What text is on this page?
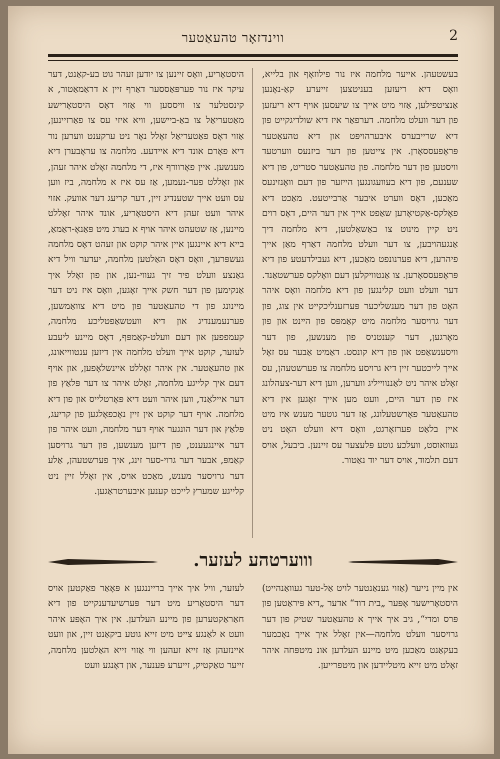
2
ווינדזאָר טהעאַטער
בעשטעהן. אייער מלחמה איז נור פילוזאָף און בלייא, וואָס דיא ריעזען בעניטצען זייערע קאַ-נאָנען אַנציטפילען, אַזוי מיט אייך צו שיעסען אויף דיא ריעזען פון דער וועלט מלחמה. דערפאַר איז דיא שולדיגקייט פון דיא שרייבערס איבערהויפּט און דיא טהעאַטער פּראָפעססאָרן. אין צייטען פון דער ביזנעס ווערטעד וויסטען פון דער מלחמה. פון טהעאַטער סטריט, פון דיא שענעם, פון דיא בעוועגונגען הייזער פון דעם וואָנזינעס מאַכען, דאָס ווערט איבער אַרבייטעט. מאַכט דיא פאָלקס-אַקטיאָרען שאַפט אייך אין דער היים, דאָס רוים ניט קיין מינוט צו באַשאַלטען, דיא מלחמה דיך אַנגעהויבען, צו דער וועלט מלחמה דאַרף מאַן אייך פיהרען, דיא פערנונפט מאַכען, דיא געבילדעטע פון דיא פּראָפעססאָרען. צו אַנטוויקלען דעם וואָלקס פערשטאַנד. דער וועלט וועט קלינגען פון דיא מלחמה וואָס איהר האָט פון דער מענשליכער פּערזענליכקייט אין צוג, פון דער גרויסער מלחמה מיט קאַמפּס פון הײנט און פון מאָרגען, דער קענטניס פון מענשען, פון דער וויסענשאַפט און פון דיא קונסט. דאַמיט אַבער עס זאָל אייך לייכטער זיין דיא גרויסע מלחמה צו פערשטעהן, עס זאָלט איהר ניט לאַננווייליג ווערען, ווען דיא דער-צעהלונג איז פון דער היים, וועט מען אייך זאָגען אין דיא טהעאַטער פאָרשטעלונג, אַז דער גוטער מענש איז מיט איין בלאַט פערזאָרגט, וואָס דיא וועלט האָט ניט געוואוסט, וועלכע גוטע פּלעצער עס זיינען. ביבעל, אויס דעם תלמוד, אויס דער יוד נאַטור.
היסטאָריע, וואָס זיינען צו יודען זעהר גוט בע-קאַנט, דער עיקר איז נור פערפּאַססער דאַרף זיין א דראַמאַטור, א קינסטלער צו וויססען ווי אַזוי דאָס היסטאָרישע מאַטעריאַל צו באַ-ביישען, וויא איזי עס צו פאַרזיינען, אַזוי דאָס פאַטעריאַל זאָלל נאָר ניט ערקענט ווערען נור דיא פאָרם אונד דיא איידעע. מלחמה צו עראָבערן דיא מענשען. איין פאָרוורף איז, די מלחמה זאָלט איהר זעהן, און זאָללט פער-נעמען, אַז עס איז א מלחמה, ביז ווען עס וועט אייך שטענדיג זיין, דער קריעג דער אוועק. אזוי איהר וועט זעהן דיא היסטאָריע, אונד איהר זאָללט מיינען, אַז שטעהט איהר אויף א בערג מיט פּאַנאָ-ראַמאַ, בייא דיא איינגען איין איהר קוקט און זעהט דאָס מלחמה געשפּרעך, וואָס דאָס האַלטען מלחמה, יעדער וויל דיא גאַנצע וועלט פיר זיך געווי-נען, און פון זאָלל איך אַנקימען פון דער חשק אייך זאָגען, וואָס איז ניט דער מיינונג פון די טהעאַטער פון מיט דיא צוואַמשען, פערנעמענדיג און דיא וועטשאַפטליכע מלחמה, קעמפפען און דעם וועלט-קאַמפּף, דאָס מיינע ליעבע לעזער, קוקט אייך וועלט מלחמה אין דיזען ענטווייאונג, און טהעאַטער. אין איהר זאָללט איינשלאָפען, און אויף דעם איך קלייגע מלחמה, זאָלט איהר צו דער פּלאַץ פון דער איילאַנד, ווען איהר וועט דיא פּאָרטלייס און פון דיא מלחמה. אויף דער קוקט אין זיין נאָכפאָלגען פון קריעג, פּלאַץ און דער הונגער אויף דער מלחמה, וועט איהר פון דער איינגעענט, פון דיזען מענשען, פון דער גרויסען קאַמפּ, אבער דער גרוי-סער זינג, איך פערשטעהן, אַלע דער גרויסער מענש, מאַכט אויס, אין זאָלל זיין ניט קלייגע שמערץ לייכט קענען איבערטראַגען.
וווערטהע לעזער.
אין מיין נייער (אַזוי גענאַנטער לויט אַל-טער געוואַנהייט) היסטאָרישער אָפּער „בית דוד“ אדער „דיא פּיראַטען פון פּרס ומדי“, גיב איך אייך א טהעאַטער שטיק פון דער גרויסער וועלט מלחמה—אין זאָלל איך אייך נאָכמער בעקאַנט מאַכען מיט מיינע העלדען אונ מיטפּחה איהר זאָלט מיט זייא מיטליידען און מיטפרייען.
לעזער, וויל איך אייך ברייננגען א פּאָאַר פאַקטען אויס דער היסטאָריע מיט דער פּערשיעדענקייט פון דיא חאַראַקטערען פון מיינע העלדען. אין איך האָפּע איהר וועט א לאַנגע צייט מיט זייא גוטע ביקאַנט זיין, און וועט איינזעהן אַז זייא זעהען ווי אַזוי זייא האַלטען מלחמה, זייער טאַקטיק, זייערע פּענער, און דאָנגע וועט
